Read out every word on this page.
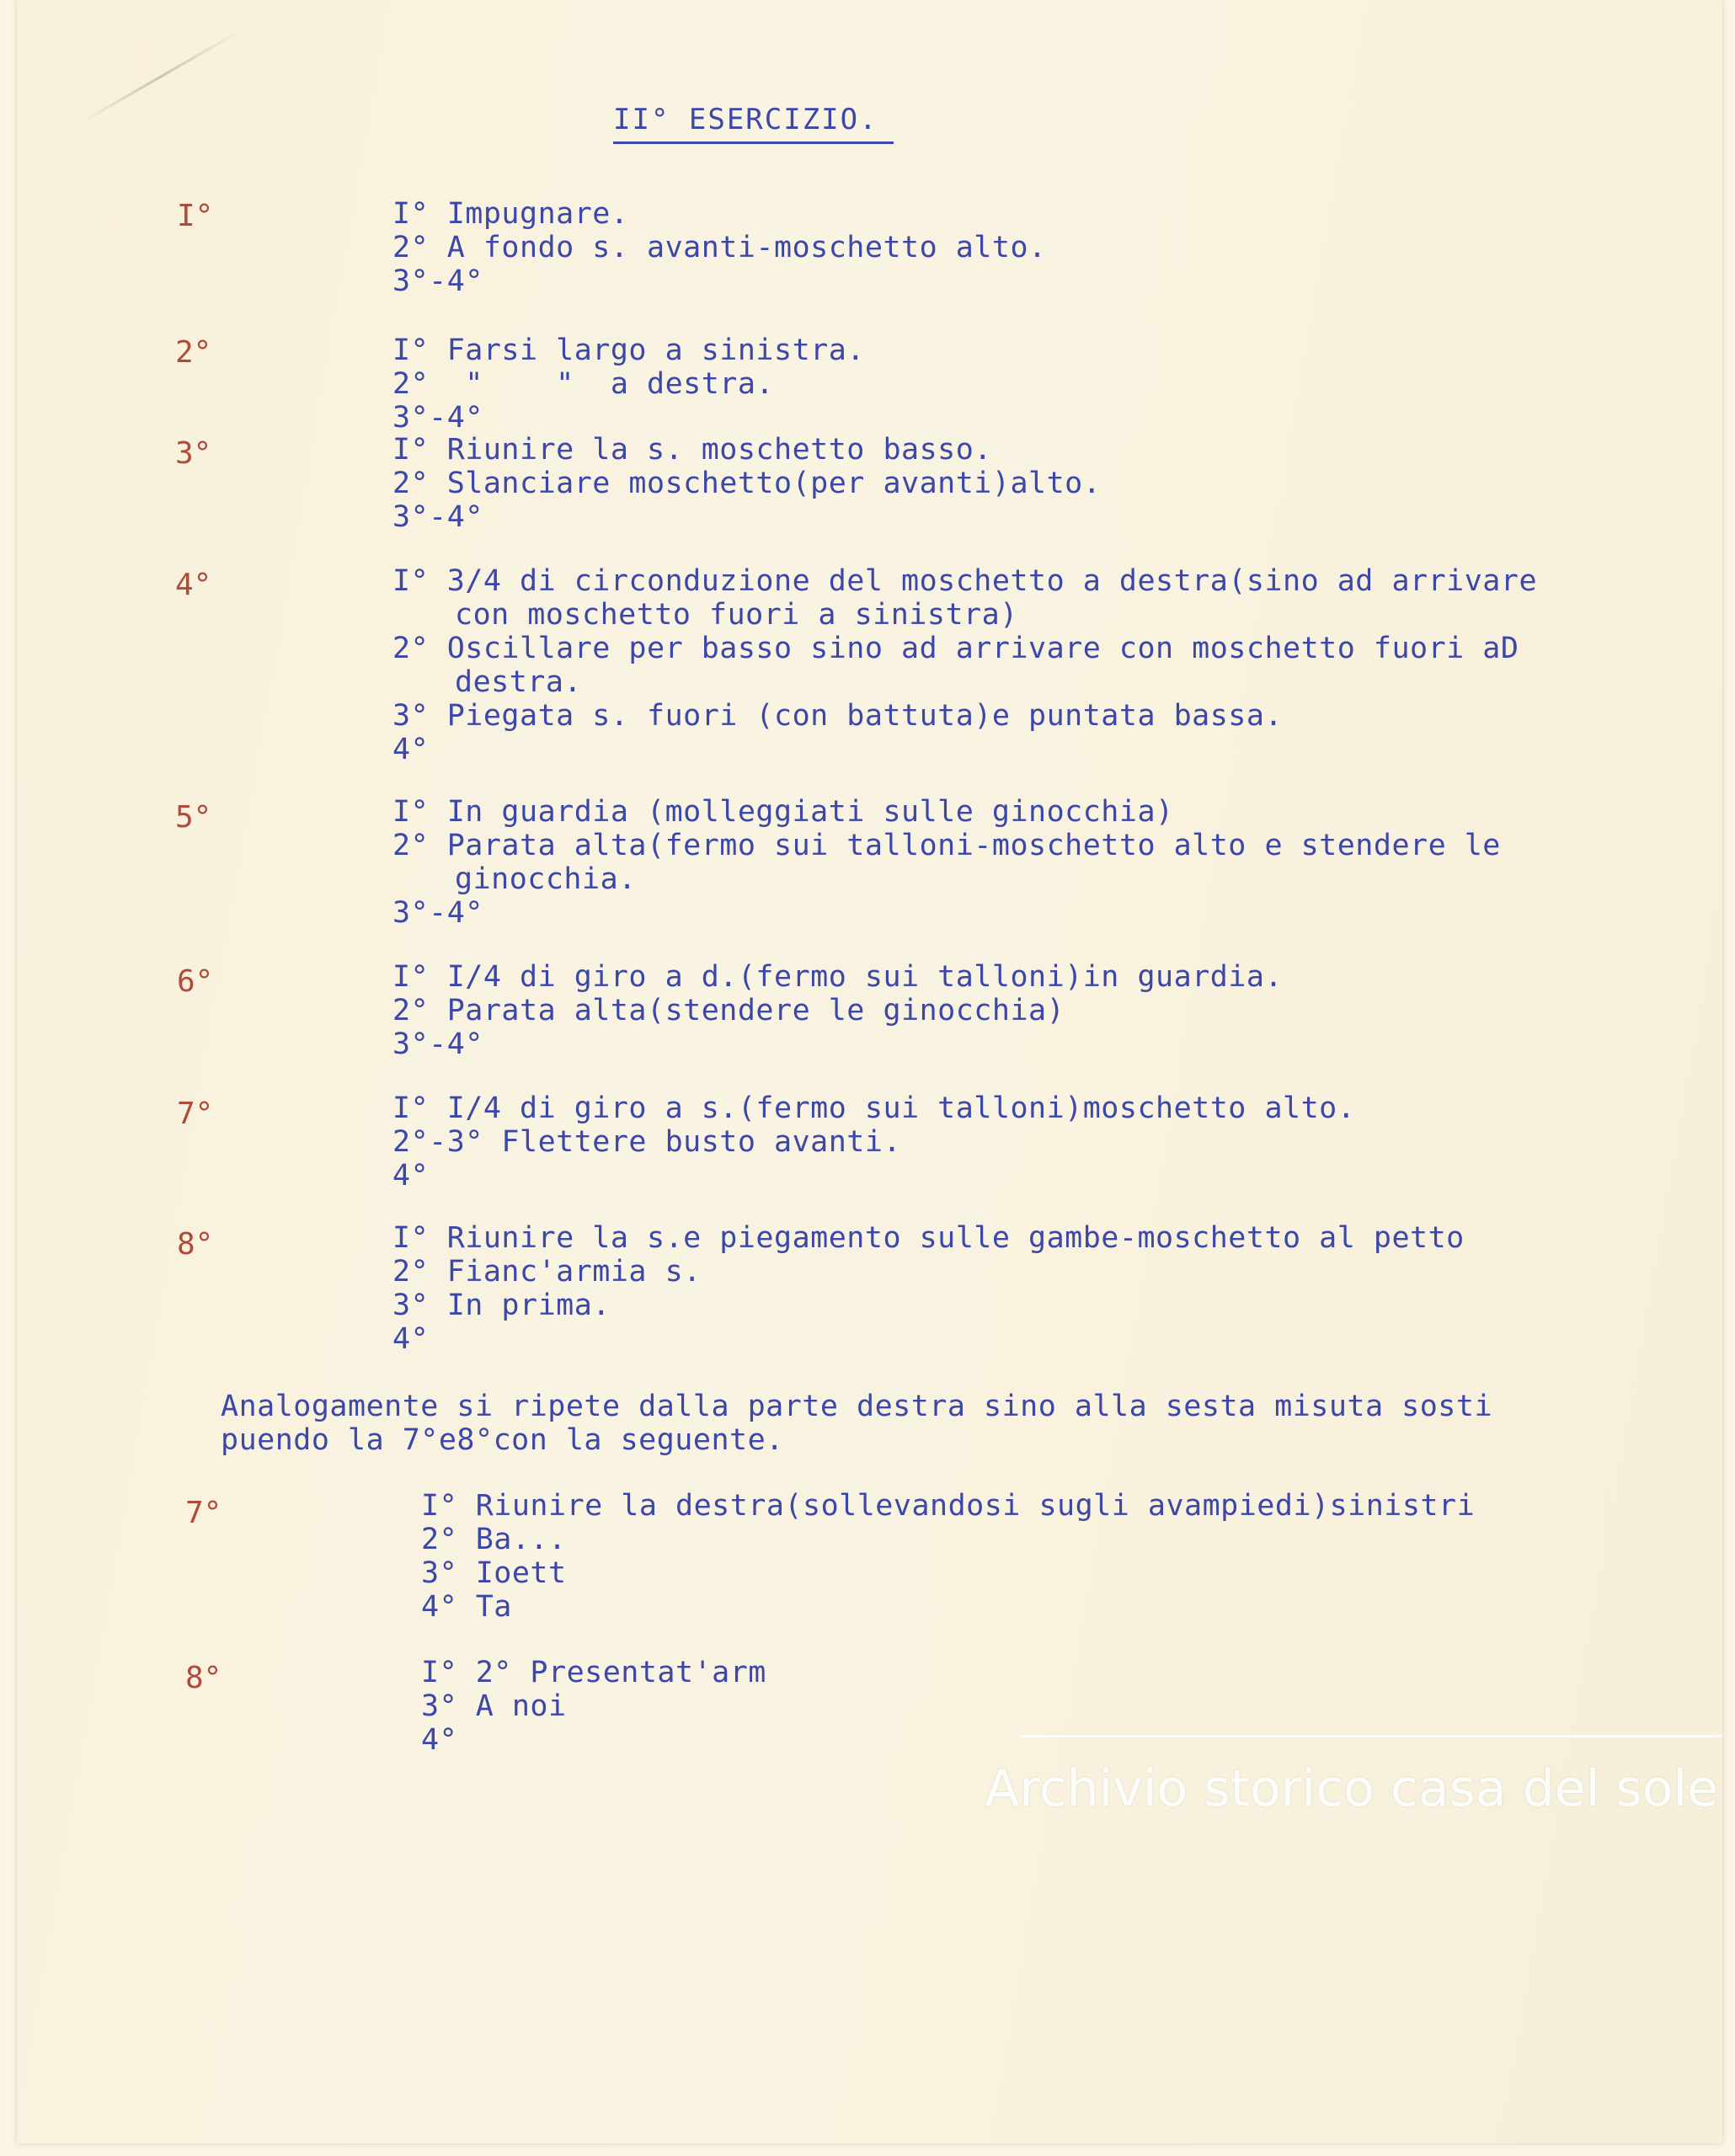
II° ESERCIZIO.
I°
2°
3°
4°
5°
6°
7°
8°
7°
8°
I° Impugnare.
2° A fondo s. avanti-moschetto alto.
3°-4°
I° Farsi largo a sinistra.
2°  "    "  a destra.
3°-4°
I° Riunire la s. moschetto basso.
2° Slanciare moschetto(per avanti)alto.
3°-4°
I° 3/4 di circonduzione del moschetto a destra(sino ad arrivare
con moschetto fuori a sinistra)
2° Oscillare per basso sino ad arrivare con moschetto fuori aD
destra.
3° Piegata s. fuori (con battuta)e puntata bassa.
4°
I° In guardia (molleggiati sulle ginocchia)
2° Parata alta(fermo sui talloni-moschetto alto e stendere le
ginocchia.
3°-4°
I° I/4 di giro a d.(fermo sui talloni)in guardia.
2° Parata alta(stendere le ginocchia)
3°-4°
I° I/4 di giro a s.(fermo sui talloni)moschetto alto.
2°-3° Flettere busto avanti.
4°
I° Riunire la s.e piegamento sulle gambe-moschetto al petto
2° Fianc'armia s.
3° In prima.
4°
Analogamente si ripete dalla parte destra sino alla sesta misuta sosti
puendo la 7°e8°con la seguente.
I° Riunire la destra(sollevandosi sugli avampiedi)sinistri
2° Ba...
3° Ioett
4° Ta
I° 2° Presentat'arm
3° A noi
4°
Archivio storico casa del sole
